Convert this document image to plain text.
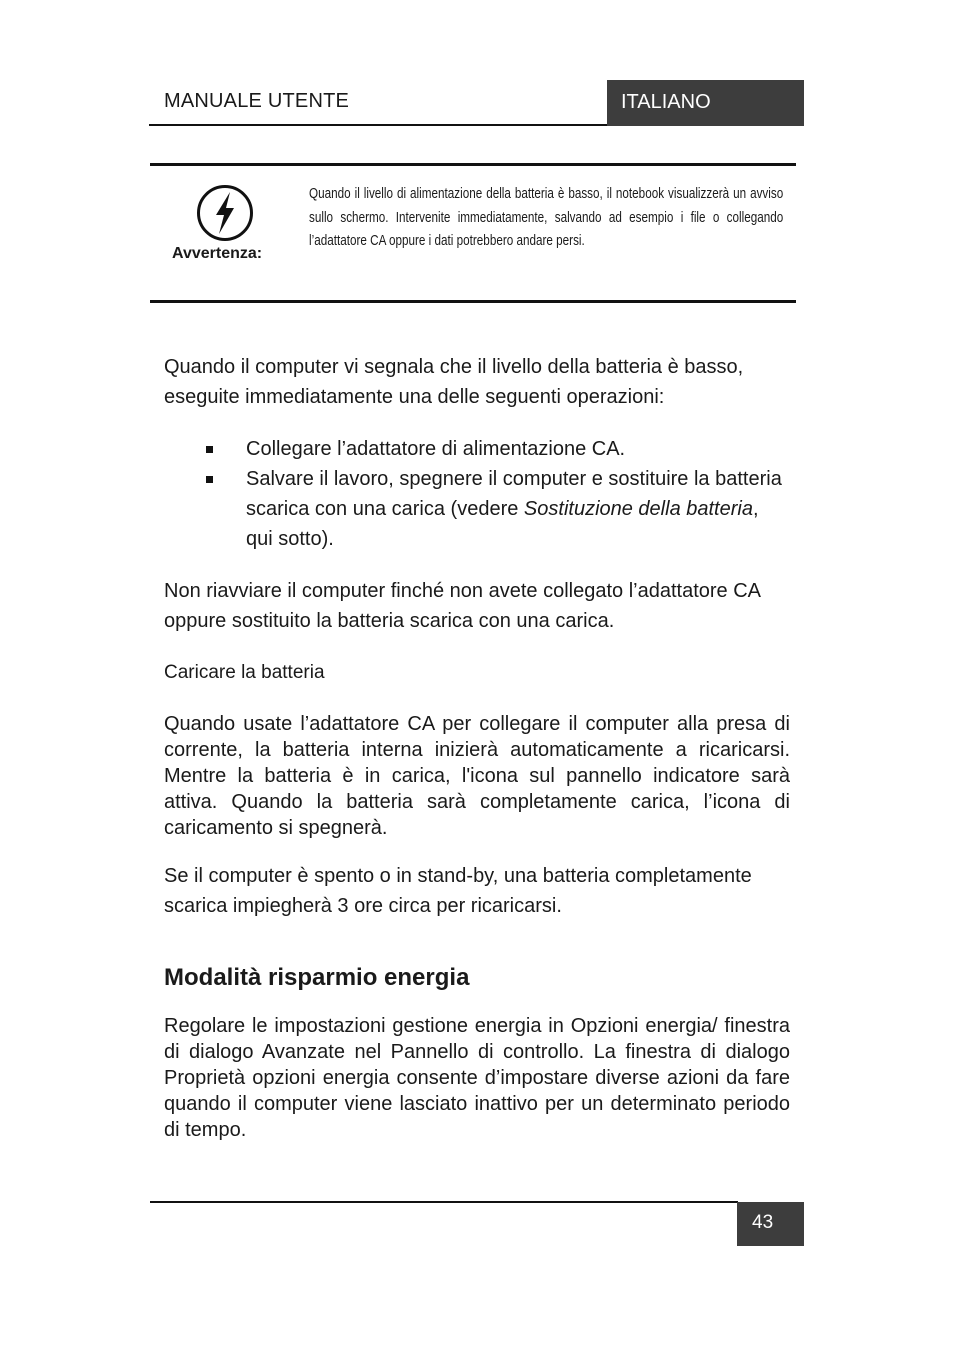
MANUALE UTENTE	ITALIANO
Avvertenza:
Quando il livello di alimentazione della batteria è basso, il notebook visualizzerà un avviso sullo schermo. Intervenite immediatamente, salvando ad esempio i file o collegando l’adattatore CA oppure i dati potrebbero andare persi.
Quando il computer vi segnala che il livello della batteria è basso, eseguite immediatamente una delle seguenti operazioni:
Collegare l’adattatore di alimentazione CA.
Salvare il lavoro, spegnere il computer e sostituire la batteria scarica con una carica (vedere Sostituzione della batteria, qui sotto).
Non riavviare il computer finché non avete collegato l’adattatore CA oppure sostituito la batteria scarica con una carica.
Caricare la batteria
Quando usate l’adattatore CA per collegare il computer alla presa di corrente, la batteria interna inizierà automaticamente a ricaricarsi. Mentre la batteria è in carica, l'icona sul pannello indicatore sarà attiva. Quando la batteria sarà completamente carica, l’icona di caricamento si spegnerà.
Se il computer è spento o in stand-by, una batteria completamente scarica impiegherà 3 ore circa per ricaricarsi.
Modalità risparmio energia
Regolare le impostazioni gestione energia in Opzioni energia/ finestra di dialogo Avanzate nel Pannello di controllo. La finestra di dialogo Proprietà opzioni energia consente d’impostare diverse azioni da fare quando il computer viene lasciato inattivo per un determinato periodo di tempo.
43
